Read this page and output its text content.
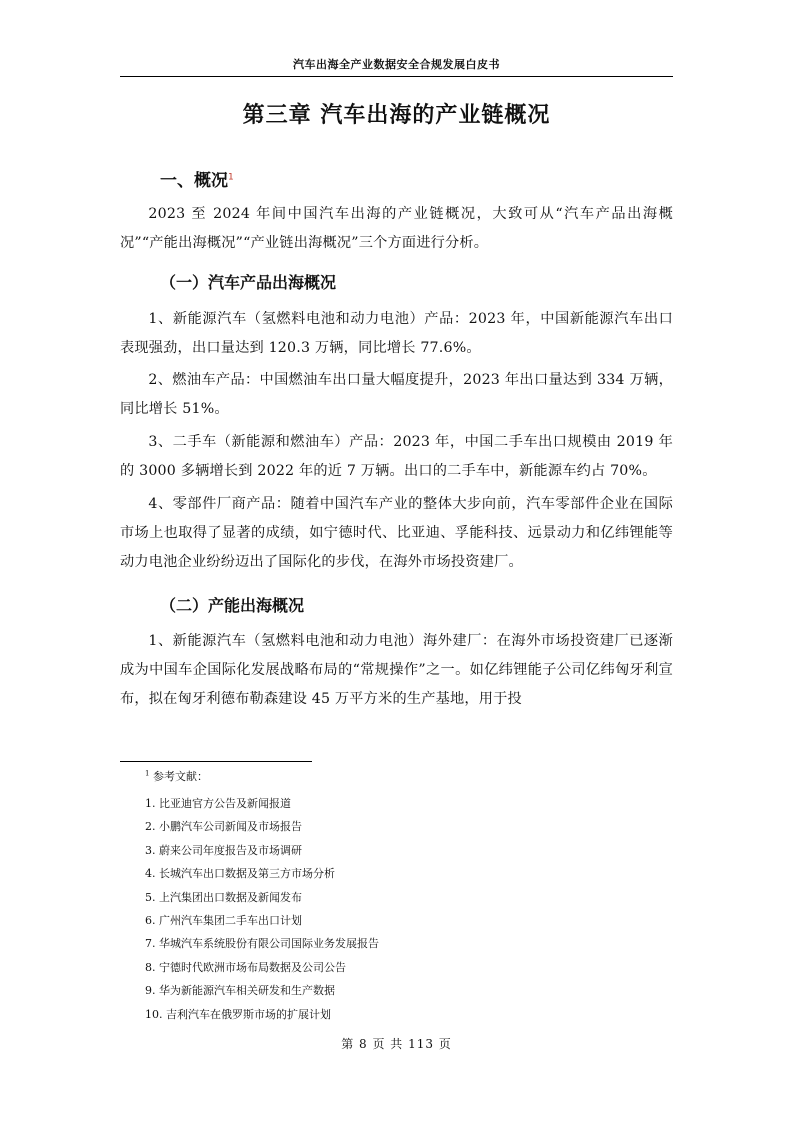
汽车出海全产业数据安全合规发展白皮书
第三章 汽车出海的产业链概况
一、概况$^1$
2023 至 2024 年间中国汽车出海的产业链概况，大致可从“汽车产品出海概况”“产能出海概况”“产业链出海概况”三个方面进行分析。
（一）汽车产品出海概况
1、新能源汽车（氢燃料电池和动力电池）产品：2023 年，中国新能源汽车出口表现强劲，出口量达到 120.3 万辆，同比增长 77.6%。
2、燃油车产品：中国燃油车出口量大幅度提升，2023 年出口量达到 334 万辆，同比增长 51%。
3、二手车（新能源和燃油车）产品：2023 年，中国二手车出口规模由 2019 年的 3000 多辆增长到 2022 年的近 7 万辆。出口的二手车中，新能源车约占 70%。
4、零部件厂商产品：随着中国汽车产业的整体大步向前，汽车零部件企业在国际市场上也取得了显著的成绩，如宁德时代、比亚迪、孚能科技、远景动力和亿纬锂能等动力电池企业纷纷迈出了国际化的步伐，在海外市场投资建厂。
（二）产能出海概况
1、新能源汽车（氢燃料电池和动力电池）海外建厂：在海外市场投资建厂已逐渐成为中国车企国际化发展战略布局的“常规操作”之一。如亿纬锂能子公司亿纬匈牙利宣布，拟在匈牙利德布勒森建设 45 万平方米的生产基地，用于投
$^1$ 参考文献：
1. 比亚迪官方公告及新闻报道
2. 小鹏汽车公司新闻及市场报告
3. 蔚来公司年度报告及市场调研
4. 长城汽车出口数据及第三方市场分析
5. 上汽集团出口数据及新闻发布
6. 广州汽车集团二手车出口计划
7. 华城汽车系统股份有限公司国际业务发展报告
8. 宁德时代欧洲市场布局数据及公司公告
9. 华为新能源汽车相关研发和生产数据
10. 吉利汽车在俄罗斯市场的扩展计划
第 8 页 共 113 页
